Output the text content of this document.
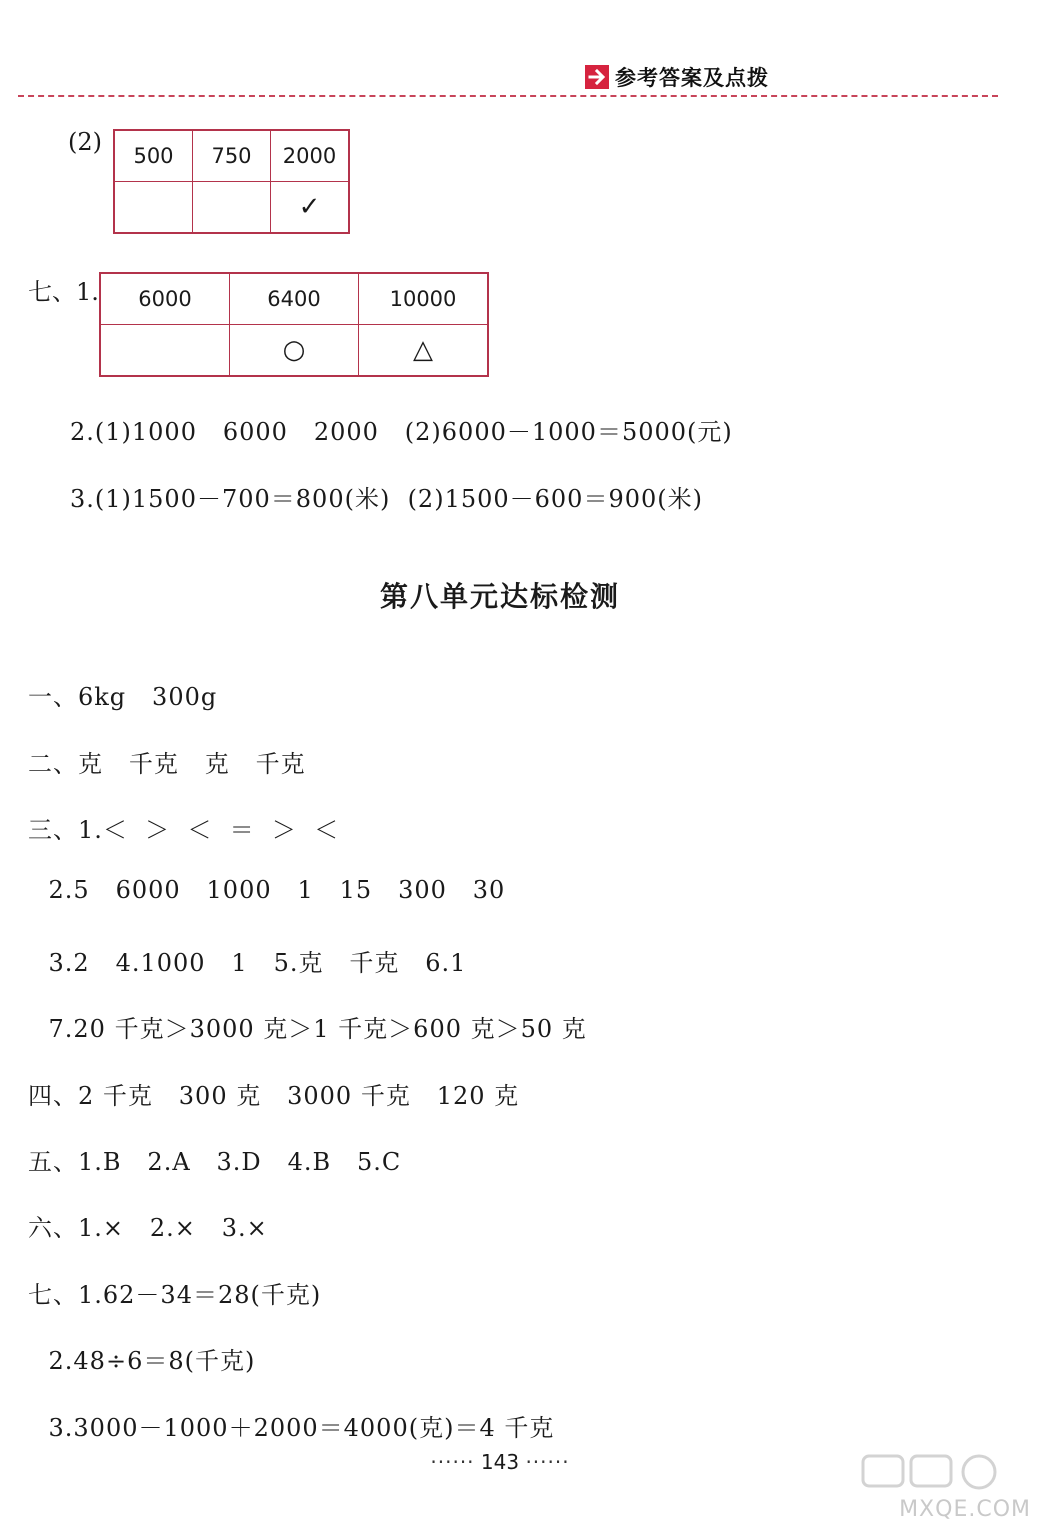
参考答案及点拨
(2) 500	750	2000
		✓
七、1. 6000	6400	10000
	○	△
2.(1)1000   6000   2000   (2)6000－1000＝5000(元)
3.(1)1500－700＝800(米)  (2)1500－600＝900(米)
第八单元达标检测
一、6kg   300g
二、克   千克   克   千克
三、1.＜  ＞  ＜  ＝  ＞  ＜
2.5   6000   1000   1   15   300   30
3.2   4.1000   1   5.克   千克   6.1
7.20 千克＞3000 克＞1 千克＞600 克＞50 克
四、2 千克   300 克   3000 千克   120 克
五、1.B   2.A   3.D   4.B   5.C
六、1.×   2.×   3.×
七、1.62－34＝28(千克)
2.48÷6＝8(千克)
3.3000－1000＋2000＝4000(克)＝4 千克
······ 143 ······
MXQE.COM
